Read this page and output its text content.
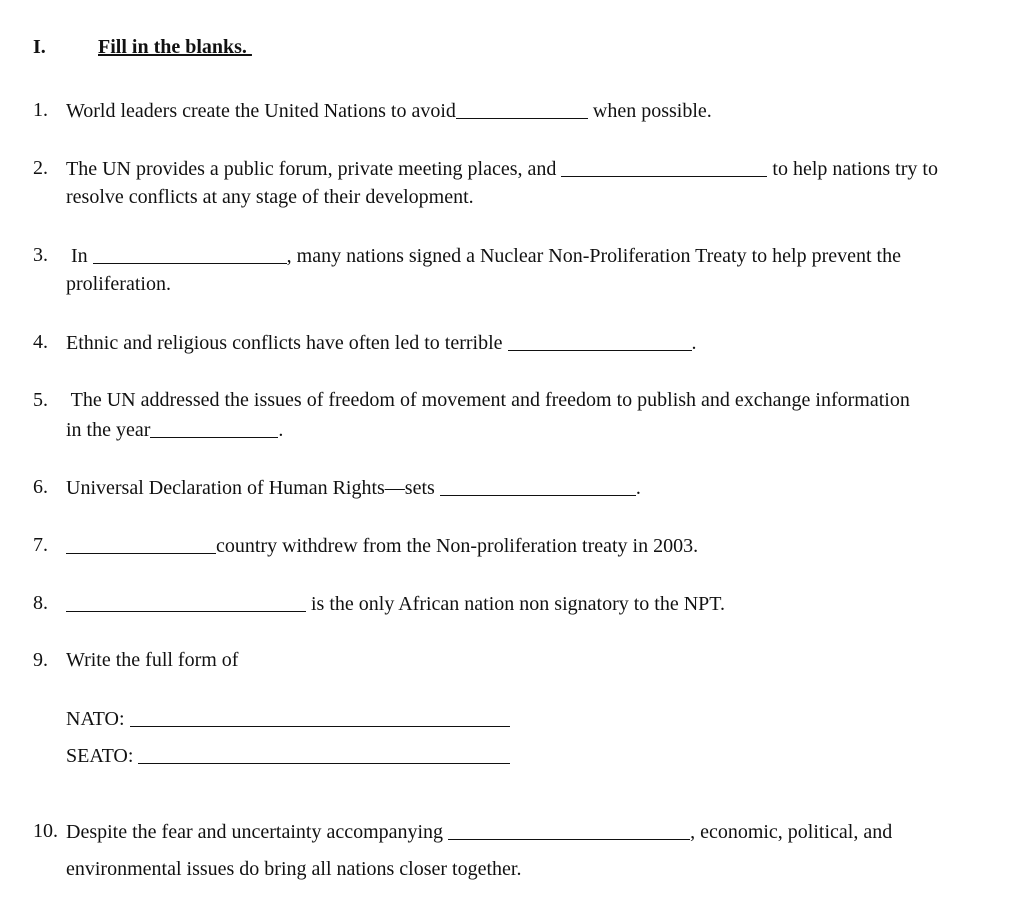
I.	Fill in the blanks.
1. World leaders create the United Nations to avoid	when possible.
2. The UN provides a public forum, private meeting places, and	to help nations try to
resolve conflicts at any stage of their development.
3. In	, many nations signed a Nuclear Non-Proliferation Treaty to help prevent the
proliferation.
4. Ethnic and religious conflicts have often led to terrible	.
5. The UN addressed the issues of freedom of movement and freedom to publish and exchange information
in the year	.
6. Universal Declaration of Human Rights—sets	.
7.	country withdrew from the Non-proliferation treaty in 2003.
8.	is the only African nation non signatory to the NPT.
9. Write the full form of
NATO:
SEATO:
10. Despite the fear and uncertainty accompanying	, economic, political, and
environmental issues do bring all nations closer together.
